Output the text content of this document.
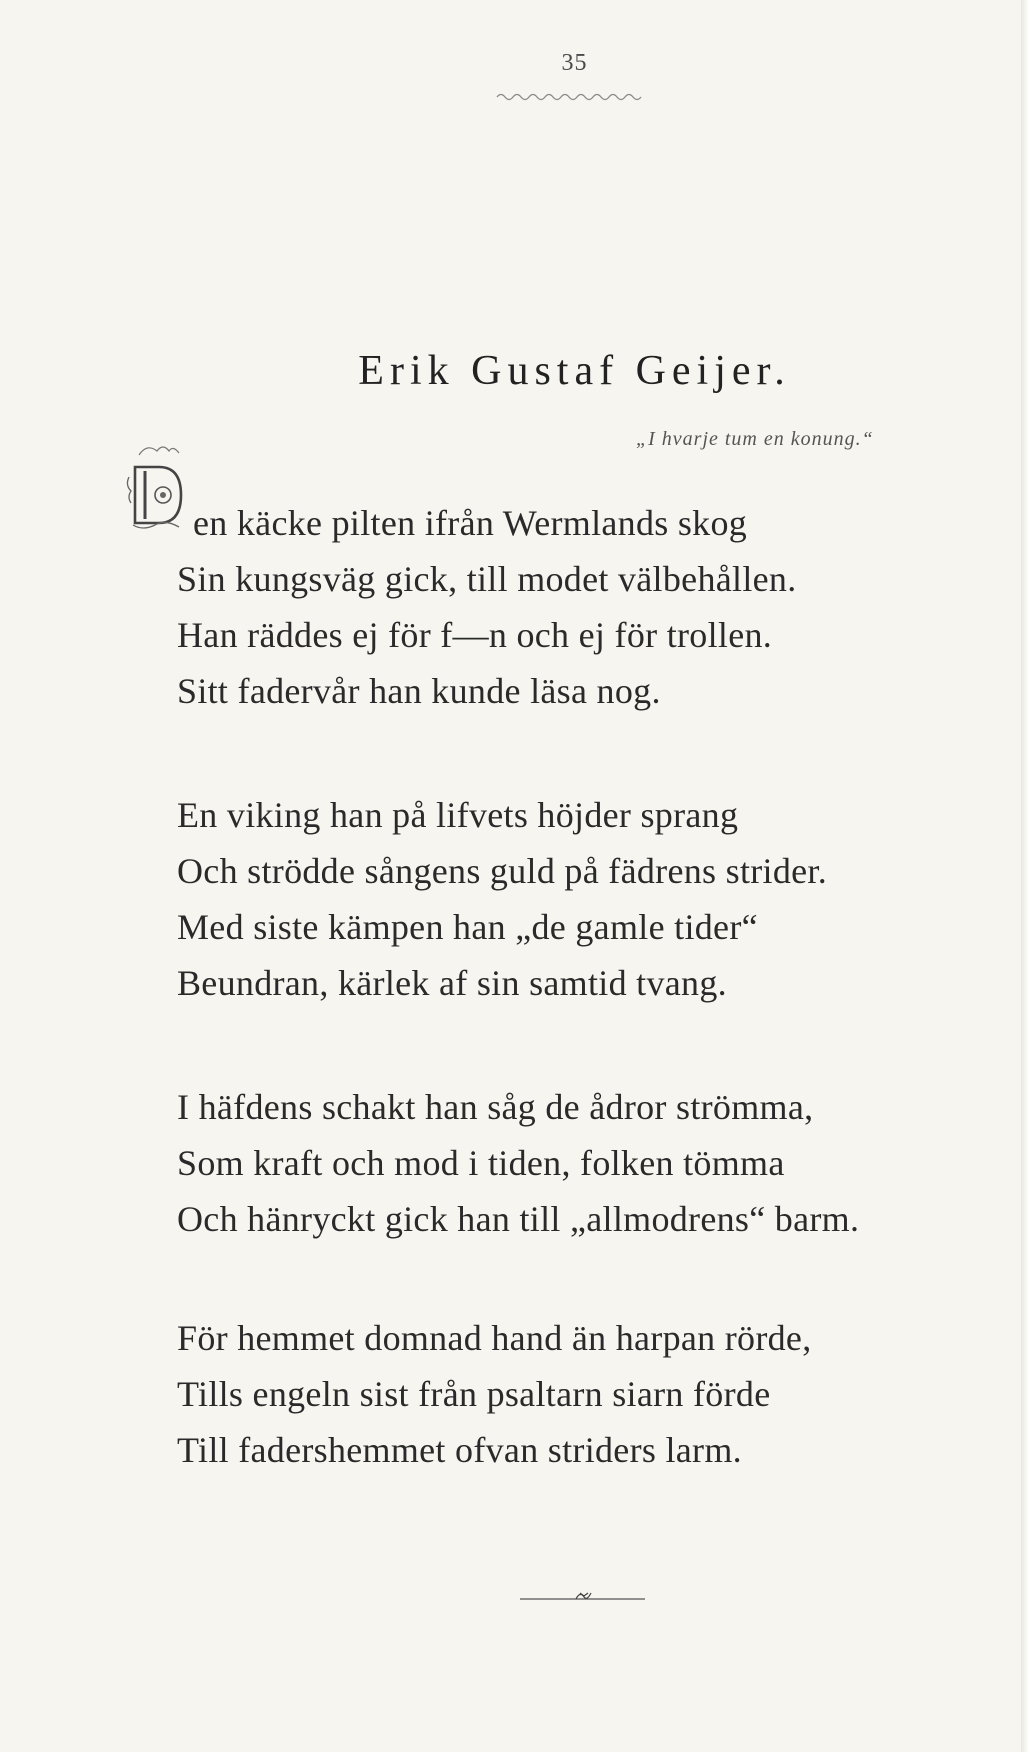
35
Erik Gustaf Geijer.
„I hvarje tum en konung.“
en käcke pilten ifrån Wermlands skog
Sin kungsväg gick, till modet välbehållen.
Han räddes ej för f—n och ej för trollen.
Sitt fadervår han kunde läsa nog.
En viking han på lifvets höjder sprang
Och strödde sångens guld på fädrens strider.
Med siste kämpen han „de gamle tider“
Beundran, kärlek af sin samtid tvang.
I häfdens schakt han såg de ådror strömma,
Som kraft och mod i tiden, folken tömma
Och hänryckt gick han till „allmodrens“ barm.
För hemmet domnad hand än harpan rörde,
Tills engeln sist från psaltarn siarn förde
Till fadershemmet ofvan striders larm.
